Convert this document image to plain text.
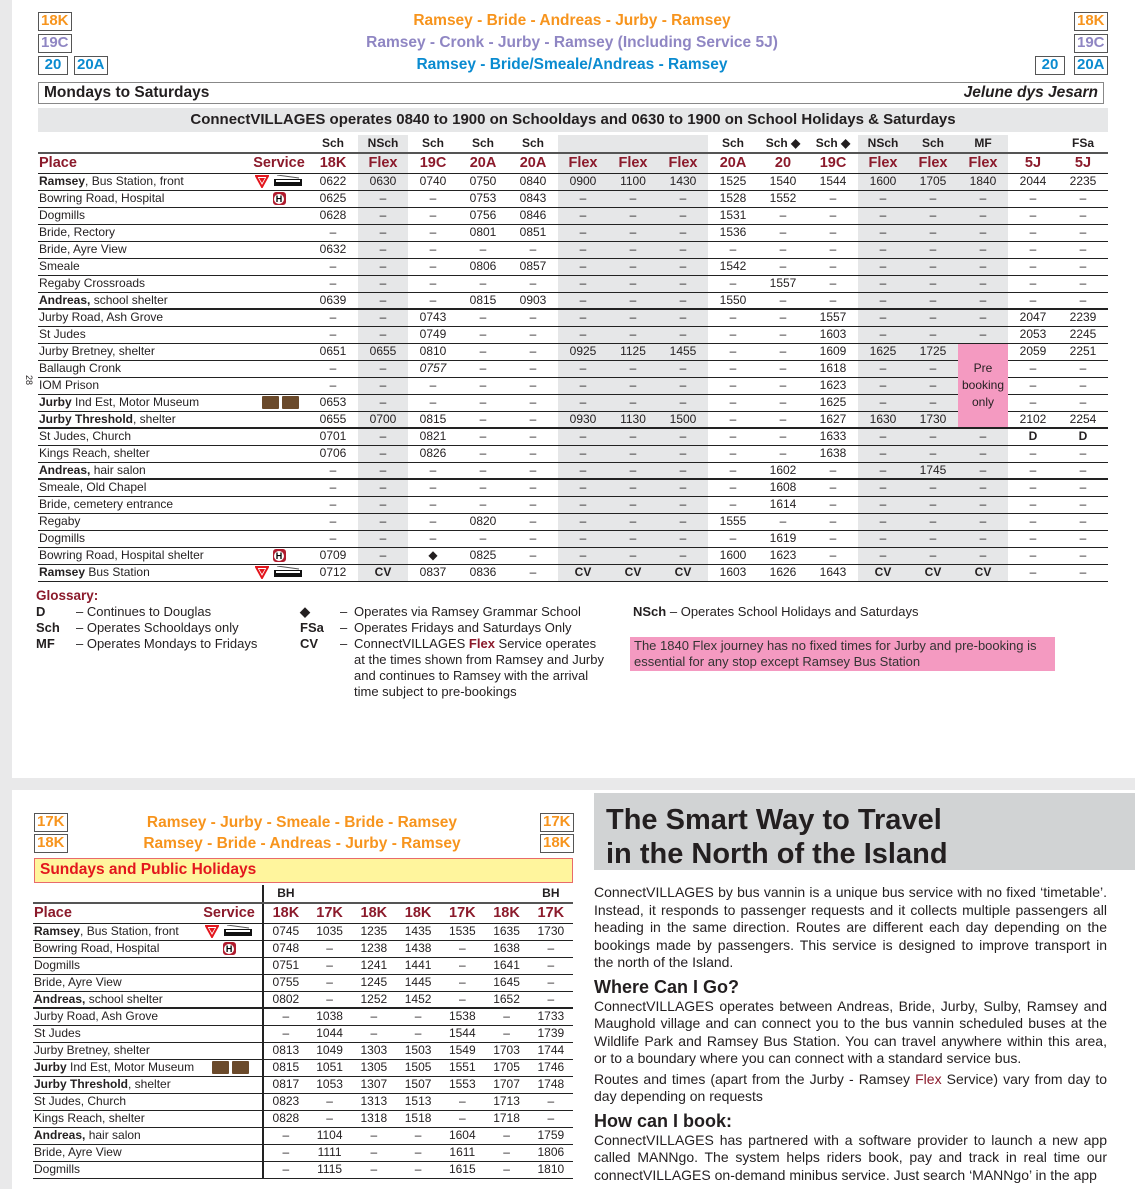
28
18K
19C
20	20A
18K
19C
20	20A
Ramsey - Bride - Andreas - Jurby - Ramsey
Ramsey - Cronk - Jurby - Ramsey (Including Service 5J)
Ramsey - Bride/Smeale/Andreas - Ramsey
Mondays to Saturdays	Jelune dys Jesarn
ConnectVILLAGES operates 0840 to 1900 on Schooldays and 0630 to 1900 on School Holidays & Saturdays
		Sch	NSch	Sch	Sch	Sch				Sch	Sch ◆	Sch ◆	NSch	Sch	MF		FSa
Place	Service	18K	Flex	19C	20A	20A	Flex	Flex	Flex	20A	20	19C	Flex	Flex	Flex	5J	5J
Ramsey, Bus Station, front		0622	0630	0740	0750	0840	0900	1100	1430	1525	1540	1544	1600	1705	1840	2044	2235
Bowring Road, Hospital	H	0625	–	–	0753	0843	–	–	–	1528	1552	–	–	–	–	–	–
Dogmills		0628	–	–	0756	0846	–	–	–	1531	–	–	–	–	–	–	–
Bride, Rectory		–	–	–	0801	0851	–	–	–	1536	–	–	–	–	–	–	–
Bride, Ayre View		0632	–	–	–	–	–	–	–	–	–	–	–	–	–	–	–
Smeale		–	–	–	0806	0857	–	–	–	1542	–	–	–	–	–	–	–
Regaby Crossroads		–	–	–	–	–	–	–	–	–	1557	–	–	–	–	–	–
Andreas, school shelter		0639	–	–	0815	0903	–	–	–	1550	–	–	–	–	–	–	–
Jurby Road, Ash Grove		–	–	0743	–	–	–	–	–	–	–	1557	–	–	–	2047	2239
St Judes		–	–	0749	–	–	–	–	–	–	–	1603	–	–	–	2053	2245
Jurby Bretney, shelter		0651	0655	0810	–	–	0925	1125	1455	–	–	1609	1625	1725		2059	2251
Ballaugh Cronk		–	–	0757	–	–	–	–	–	–	–	1618	–	–	Pre	–	–
IOM Prison		–	–	–	–	–	–	–	–	–	–	1623	–	–	booking	–	–
Jurby Ind Est, Motor Museum		0653	–	–	–	–	–	–	–	–	–	1625	–	–	only	–	–
Jurby Threshold, shelter		0655	0700	0815	–	–	0930	1130	1500	–	–	1627	1630	1730		2102	2254
St Judes, Church		0701	–	0821	–	–	–	–	–	–	–	1633	–	–	–	D	D
Kings Reach, shelter		0706	–	0826	–	–	–	–	–	–	–	1638	–	–	–	–	–
Andreas, hair salon		–	–	–	–	–	–	–	–	–	1602	–	–	1745	–	–	–
Smeale, Old Chapel		–	–	–	–	–	–	–	–	–	1608	–	–	–	–	–	–
Bride, cemetery entrance		–	–	–	–	–	–	–	–	–	1614	–	–	–	–	–	–
Regaby		–	–	–	0820	–	–	–	–	1555	–	–	–	–	–	–	–
Dogmills		–	–	–	–	–	–	–	–	–	1619	–	–	–	–	–	–
Bowring Road, Hospital shelter	H	0709	–	◆	0825	–	–	–	–	1600	1623	–	–	–	–	–	–
Ramsey Bus Station		0712	CV	0837	0836	–	CV	CV	CV	1603	1626	1643	CV	CV	CV	–	–
Glossary:
D – Continues to Douglas
Sch – Operates Schooldays only
MF – Operates Mondays to Fridays
◆ – Operates via Ramsey Grammar School
FSa – Operates Fridays and Saturdays Only
CV	– ConnectVILLAGES Flex Service operates at the times shown from Ramsey and Jurby and continues to Ramsey with the arrival time subject to pre-bookings
NSch – Operates School Holidays and Saturdays
The 1840 Flex journey has no fixed times for Jurby and pre-booking is essential for any stop except Ramsey Bus Station
17K
18K
17K
18K
Ramsey - Jurby - Smeale - Bride - Ramsey
Ramsey - Bride - Andreas - Jurby - Ramsey
Sundays and Public Holidays
		BH						BH
Place	Service	18K	17K	18K	18K	17K	18K	17K
Ramsey, Bus Station, front		0745	1035	1235	1435	1535	1635	1730
Bowring Road, Hospital	H	0748	–	1238	1438	–	1638	–
Dogmills		0751	–	1241	1441	–	1641	–
Bride, Ayre View		0755	–	1245	1445	–	1645	–
Andreas, school shelter		0802	–	1252	1452	–	1652	–
Jurby Road, Ash Grove		–	1038	–	–	1538	–	1733
St Judes		–	1044	–	–	1544	–	1739
Jurby Bretney, shelter		0813	1049	1303	1503	1549	1703	1744
Jurby Ind Est, Motor Museum		0815	1051	1305	1505	1551	1705	1746
Jurby Threshold, shelter		0817	1053	1307	1507	1553	1707	1748
St Judes, Church		0823	–	1313	1513	–	1713	–
Kings Reach, shelter		0828	–	1318	1518	–	1718	–
Andreas, hair salon		–	1104	–	–	1604	–	1759
Bride, Ayre View		–	1111	–	–	1611	–	1806
Dogmills		–	1115	–	–	1615	–	1810
The Smart Way to Travel
in the North of the Island

ConnectVILLAGES by bus vannin is a unique bus service with no fixed ‘timetable’. Instead, it responds to passenger requests and it collects multiple passengers all heading in the same direction. Routes are different each day depending on the bookings made by passengers. This service is designed to improve transport in the north of the Island.

Where Can I Go?

ConnectVILLAGES operates between Andreas, Bride, Jurby, Sulby, Ramsey and Maughold village and can connect you to the bus vannin scheduled buses at the Wildlife Park and Ramsey Bus Station. You can travel anywhere within this area, or to a boundary where you can connect with a standard service bus.

Routes and times (apart from the Jurby - Ramsey Flex Service) vary from day to day depending on requests

How can I book:

ConnectVILLAGES has partnered with a software provider to launch a new app called MANNgo. The system helps riders book, pay and track in real time our connectVILLAGES on-demand minibus service. Just search ‘MANNgo’ in the app
